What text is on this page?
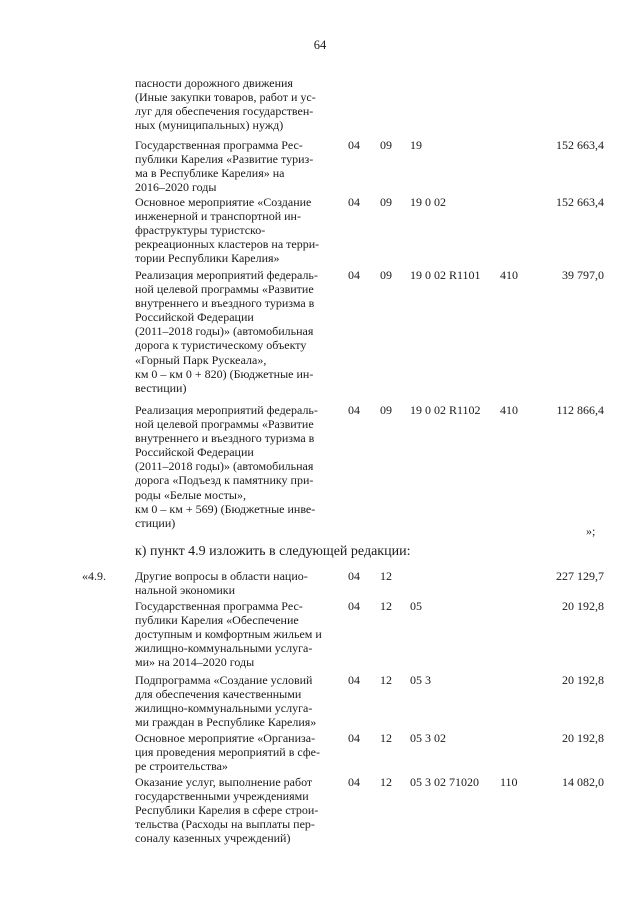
64
пасности дорожного движения
(Иные закупки товаров, работ и ус-
луг для обеспечения государствен-
ных (муниципальных) нужд)
Государственная программа Рес-
публики Карелия «Развитие туриз-
ма в Республике Карелия» на
2016–2020 годы
04	09	19	152 663,4
Основное мероприятие «Создание
инженерной и транспортной ин-
фраструктуры туристско-
рекреационных кластеров на терри-
тории Республики Карелия»
04	09	19 0 02	152 663,4
Реализация мероприятий федераль-
ной целевой программы «Развитие
внутреннего и въездного туризма в
Российской Федерации
(2011–2018 годы)» (автомобильная
дорога к туристическому объекту
«Горный Парк Рускеала»,
км 0 – км 0 + 820) (Бюджетные ин-
вестиции)
04	09	19 0 02 R1101	410	39 797,0
Реализация мероприятий федераль-
ной целевой программы «Развитие
внутреннего и въездного туризма в
Российской Федерации
(2011–2018 годы)» (автомобильная
дорога «Подъезд к памятнику при-
роды «Белые мосты»,
км 0 – км + 569) (Бюджетные инве-
стиции)
04	09	19 0 02 R1102	410	112 866,4
»;
к) пункт 4.9 изложить в следующей редакции:
«4.9.	Другие вопросы в области нацио-
нальной экономики
04	12	227 129,7
Государственная программа Рес-
публики Карелия «Обеспечение
доступным и комфортным жильем и
жилищно-коммунальными услуга-
ми» на 2014–2020 годы
04	12	05	20 192,8
Подпрограмма «Создание условий
для обеспечения качественными
жилищно-коммунальными услуга-
ми граждан в Республике Карелия»
04	12	05 3	20 192,8
Основное мероприятие «Организа-
ция проведения мероприятий в сфе-
ре строительства»
04	12	05 3 02	20 192,8
Оказание услуг, выполнение работ
государственными учреждениями
Республики Карелия в сфере строи-
тельства (Расходы на выплаты пер-
соналу казенных учреждений)
04	12	05 3 02 71020	110	14 082,0
